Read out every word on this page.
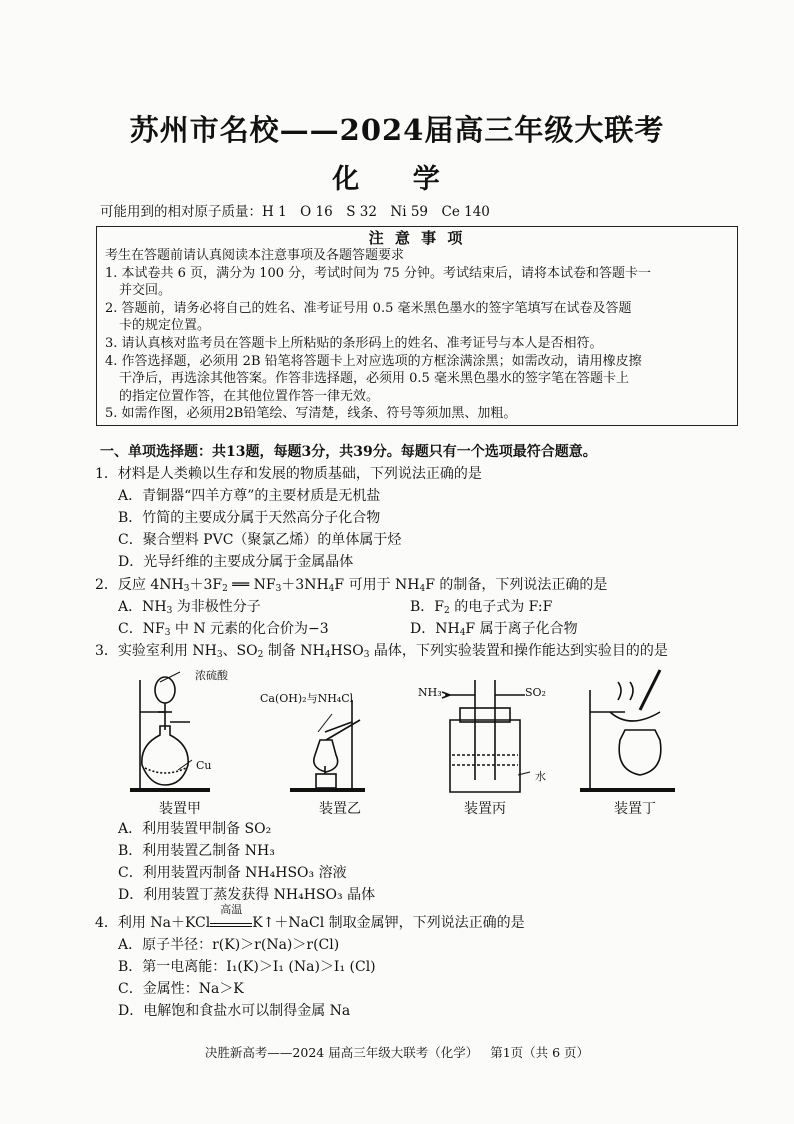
苏州市名校——2024届高三年级大联考
化 学
可能用到的相对原子质量：H 1　O 16　S 32　Ni 59　Ce 140
注 意 事 项
考生在答题前请认真阅读本注意事项及各题答题要求
1. 本试卷共 6 页，满分为 100 分，考试时间为 75 分钟。考试结束后，请将本试卷和答题卡一
并交回。
2. 答题前，请务必将自己的姓名、准考证号用 0.5 毫米黑色墨水的签字笔填写在试卷及答题
卡的规定位置。
3. 请认真核对监考员在答题卡上所粘贴的条形码上的姓名、准考证号与本人是否相符。
4. 作答选择题，必须用 2B 铅笔将答题卡上对应选项的方框涂满涂黑；如需改动，请用橡皮擦
干净后，再选涂其他答案。作答非选择题，必须用 0.5 毫米黑色墨水的签字笔在答题卡上
的指定位置作答，在其他位置作答一律无效。
5. 如需作图，必须用2B铅笔绘、写清楚，线条、符号等须加黑、加粗。
一、单项选择题：共13题，每题3分，共39分。每题只有一个选项最符合题意。
1．材料是人类赖以生存和发展的物质基础，下列说法正确的是
A．青铜器“四羊方尊”的主要材质是无机盐
B．竹简的主要成分属于天然高分子化合物
C．聚合塑料 PVC（聚氯乙烯）的单体属于烃
D．光导纤维的主要成分属于金属晶体
2．反应 $4NH_3+3F_2$ ══ $NF_3+3NH_4F$ 可用于 $NH_4F$ 的制备，下列说法正确的是
A．$NH_3$ 为非极性分子	B．$F_2$ 的电子式为 F:F
C．$NF_3$ 中 N 元素的化合价为−3	D．$NH_4F$ 属于离子化合物
3．实验室利用 $NH_3$、$SO_2$ 制备 $NH_4HSO_3$ 晶体，下列实验装置和操作能达到实验目的的是
浓硫酸
Cu
Ca(OH)₂与NH₄Cl	NH₃	SO₂
水
装置甲	装置乙	装置丙	装置丁
A．利用装置甲制备 SO₂
B．利用装置乙制备 NH₃
C．利用装置丙制备 NH₄HSO₃ 溶液
D．利用装置丁蒸发获得 NH₄HSO₃ 晶体
4．利用 Na＋KCl
高温
K↑＋NaCl 制取金属钾，下列说法正确的是
A．原子半径：r(K)＞r(Na)＞r(Cl)
B．第一电离能：I₁(K)＞I₁ (Na)＞I₁ (Cl)
C．金属性：Na＞K
D．电解饱和食盐水可以制得金属 Na
决胜新高考——2024 届高三年级大联考（化学） 第1页（共 6 页）
